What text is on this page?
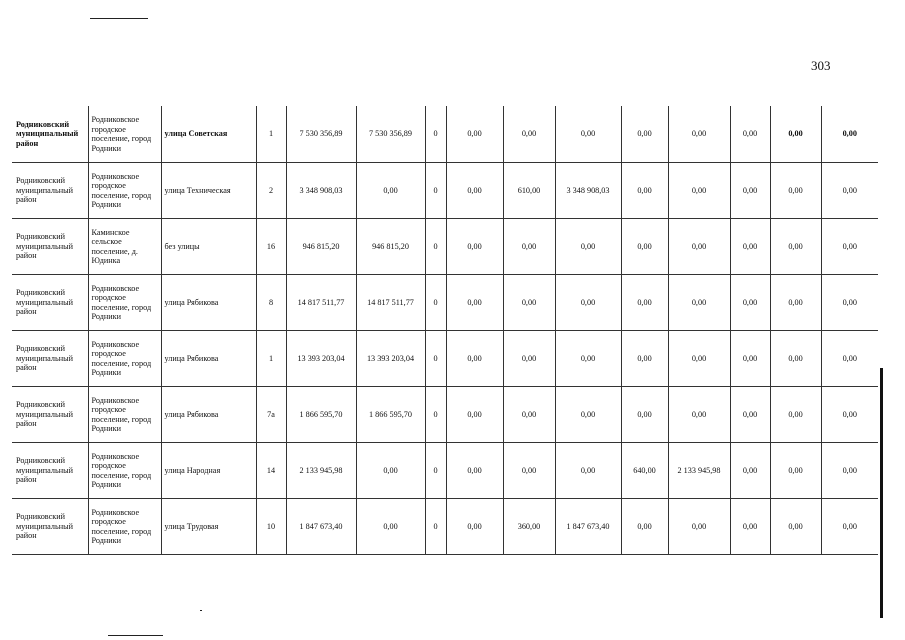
303
Родниковский муниципальный район	Родниковское городское поселение, город Родники	улица Советская	1	7 530 356,89	7 530 356,89	0	0,00	0,00	0,00	0,00	0,00	0,00	0,00	0,00
Родниковский муниципальный район	Родниковское городское поселение, город Родники	улица Техническая	2	3 348 908,03	0,00	0	0,00	610,00	3 348 908,03	0,00	0,00	0,00	0,00	0,00
Родниковский муниципальный район	Каминское сельское поселение, д. Юдинка	без улицы	16	946 815,20	946 815,20	0	0,00	0,00	0,00	0,00	0,00	0,00	0,00	0,00
Родниковский муниципальный район	Родниковское городское поселение, город Родники	улица Рябикова	8	14 817 511,77	14 817 511,77	0	0,00	0,00	0,00	0,00	0,00	0,00	0,00	0,00
Родниковский муниципальный район	Родниковское городское поселение, город Родники	улица Рябикова	1	13 393 203,04	13 393 203,04	0	0,00	0,00	0,00	0,00	0,00	0,00	0,00	0,00
Родниковский муниципальный район	Родниковское городское поселение, город Родники	улица Рябикова	7а	1 866 595,70	1 866 595,70	0	0,00	0,00	0,00	0,00	0,00	0,00	0,00	0,00
Родниковский муниципальный район	Родниковское городское поселение, город Родники	улица Народная	14	2 133 945,98	0,00	0	0,00	0,00	0,00	640,00	2 133 945,98	0,00	0,00	0,00
Родниковский муниципальный район	Родниковское городское поселение, город Родники	улица Трудовая	10	1 847 673,40	0,00	0	0,00	360,00	1 847 673,40	0,00	0,00	0,00	0,00	0,00
